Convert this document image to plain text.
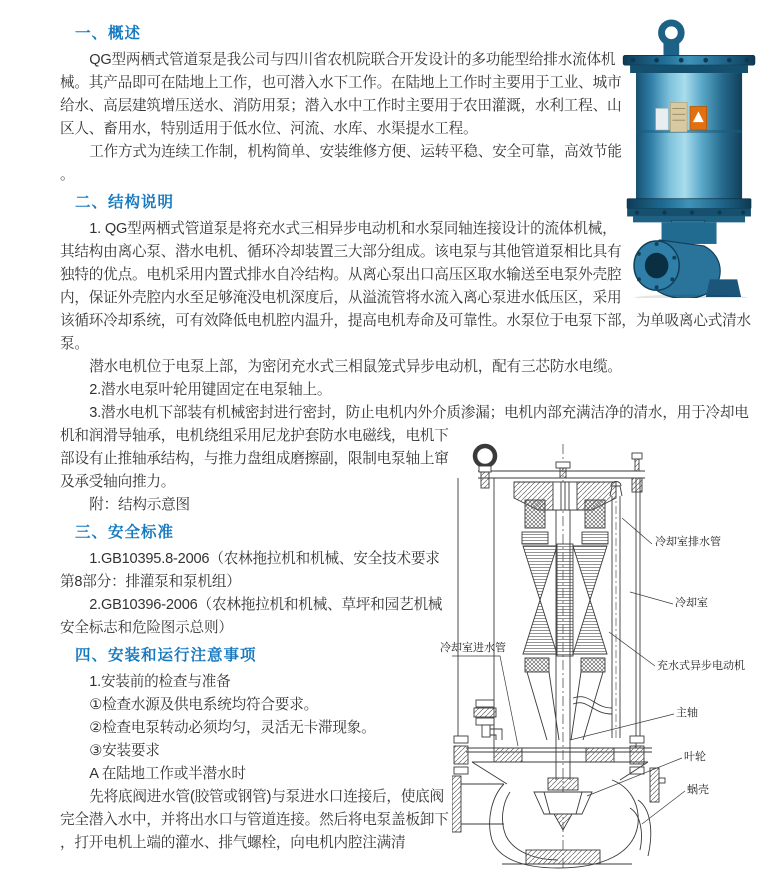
冷却室排水管
冷却室
充水式异步电动机
主轴
叶轮
蜗壳
冷却室进水管
一、概述

QG型两栖式管道泵是我公司与四川省农机院联合开发设计的多功能型给排水流体机械。其产品即可在陆地上工作，也可潜入水下工作。在陆地上工作时主要用于工业、城市给水、高层建筑增压送水、消防用泵；潜入水中工作时主要用于农田灌溉，水利工程、山区人、畜用水，特别适用于低水位、河流、水库、水渠提水工程。

工作方式为连续工作制，机构简单、安装维修方便、运转平稳、安全可靠，高效节能。

二、结构说明

1. QG型两栖式管道泵是将充水式三相异步电动机和水泵同轴连接设计的流体机械，其结构由离心泵、潜水电机、循环冷却装置三大部分组成。该电泵与其他管道泵相比具有独特的优点。电机采用内置式排水自冷结构。从离心泵出口高压区取水输送至电泵外壳腔内，保证外壳腔内水至足够淹没电机深度后，从溢流管将水流入离心泵进水低压区，采用该循环冷却系统，可有效降低电机腔内温升，提高电机寿命及可靠性。水泵位于电泵下部，为单吸离心式清水泵。

潜水电机位于电泵上部，为密闭充水式三相鼠笼式异步电动机，配有三芯防水电缆。

2.潜水电泵叶轮用键固定在电泵轴上。

3.潜水电机下部装有机械密封进行密封，防止电机内外介质渗漏；电机内部充满洁净的清水，用于冷却电机和润滑导轴承，电机绕组采用尼龙护套防水电磁线，电机下部设有止推轴承结构，与推力盘组成磨擦副，限制电泵轴上窜及承受轴向推力。

附：结构示意图

三、安全标准

1.GB10395.8-2006（农林拖拉机和机械、安全技术要求第8部分：排灌泵和泵机组）

2.GB10396-2006（农林拖拉机和机械、草坪和园艺机械安全标志和危险图示总则）

四、安装和运行注意事项

1.安装前的检查与准备

①检查水源及供电系统均符合要求。

②检查电泵转动必须均匀，灵活无卡滞现象。

③安装要求

A 在陆地工作或半潜水时

先将底阀进水管(胶管或钢管)与泵进水口连接后，使底阀完全潜入水中，并将出水口与管道连接。然后将电泵盖板卸下，打开电机上端的灌水、排气螺栓，向电机内腔注满清
